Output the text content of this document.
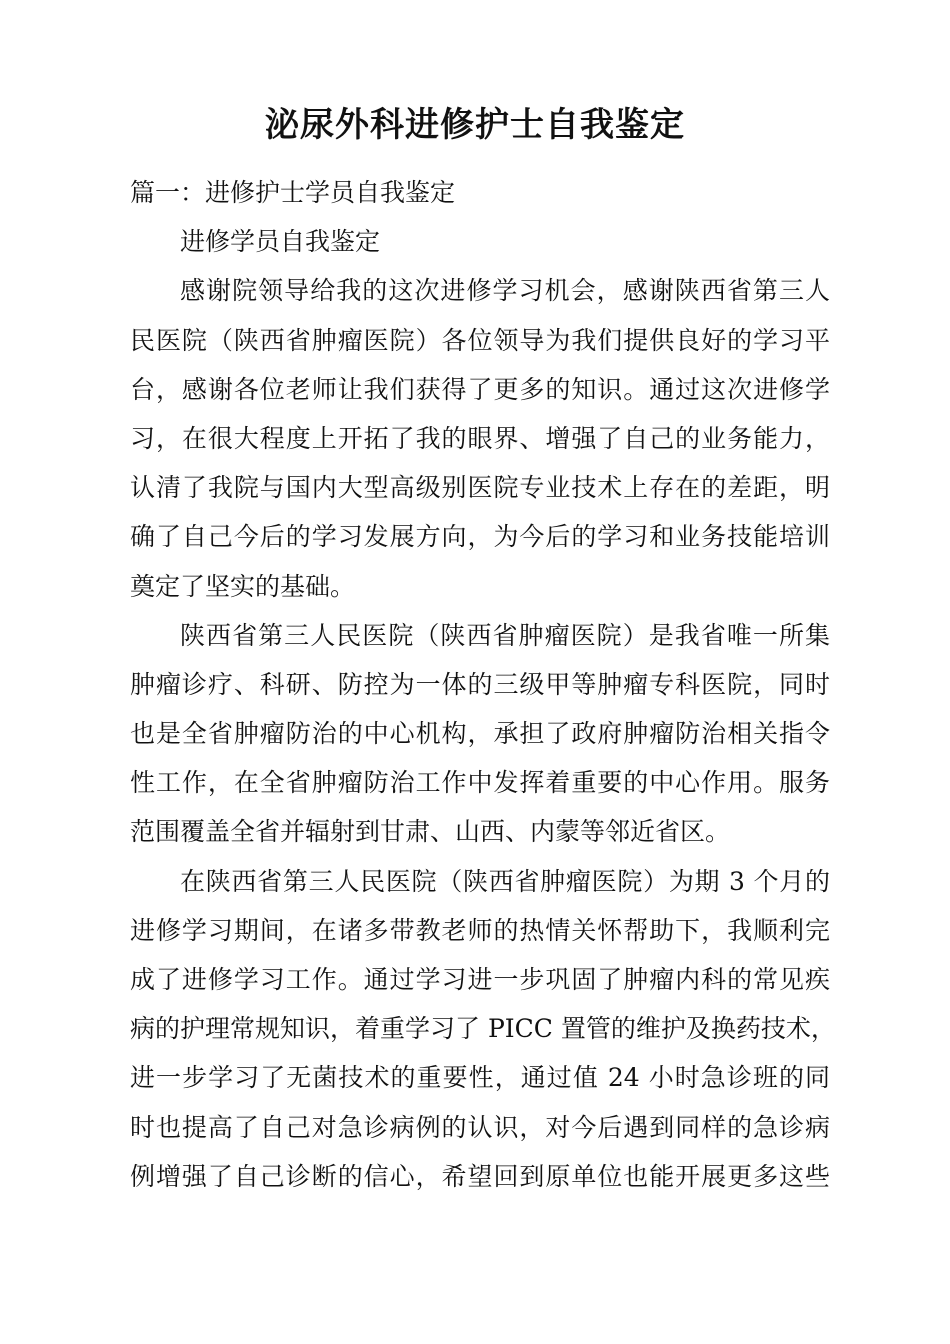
泌尿外科进修护士自我鉴定
篇一：进修护士学员自我鉴定
进修学员自我鉴定
感谢院领导给我的这次进修学习机会，感谢陕西省第三人
民医院（陕西省肿瘤医院）各位领导为我们提供良好的学习平
台，感谢各位老师让我们获得了更多的知识。通过这次进修学
习，在很大程度上开拓了我的眼界、增强了自己的业务能力，
认清了我院与国内大型高级别医院专业技术上存在的差距，明
确了自己今后的学习发展方向，为今后的学习和业务技能培训
奠定了坚实的基础。
陕西省第三人民医院（陕西省肿瘤医院）是我省唯一所集
肿瘤诊疗、科研、防控为一体的三级甲等肿瘤专科医院，同时
也是全省肿瘤防治的中心机构，承担了政府肿瘤防治相关指令
性工作，在全省肿瘤防治工作中发挥着重要的中心作用。服务
范围覆盖全省并辐射到甘肃、山西、内蒙等邻近省区。
在陕西省第三人民医院（陕西省肿瘤医院）为期 3 个月的
进修学习期间，在诸多带教老师的热情关怀帮助下，我顺利完
成了进修学习工作。通过学习进一步巩固了肿瘤内科的常见疾
病的护理常规知识，着重学习了 PICC 置管的维护及换药技术，
进一步学习了无菌技术的重要性，通过值 24 小时急诊班的同
时也提高了自己对急诊病例的认识，对今后遇到同样的急诊病
例增强了自己诊断的信心，希望回到原单位也能开展更多这些
